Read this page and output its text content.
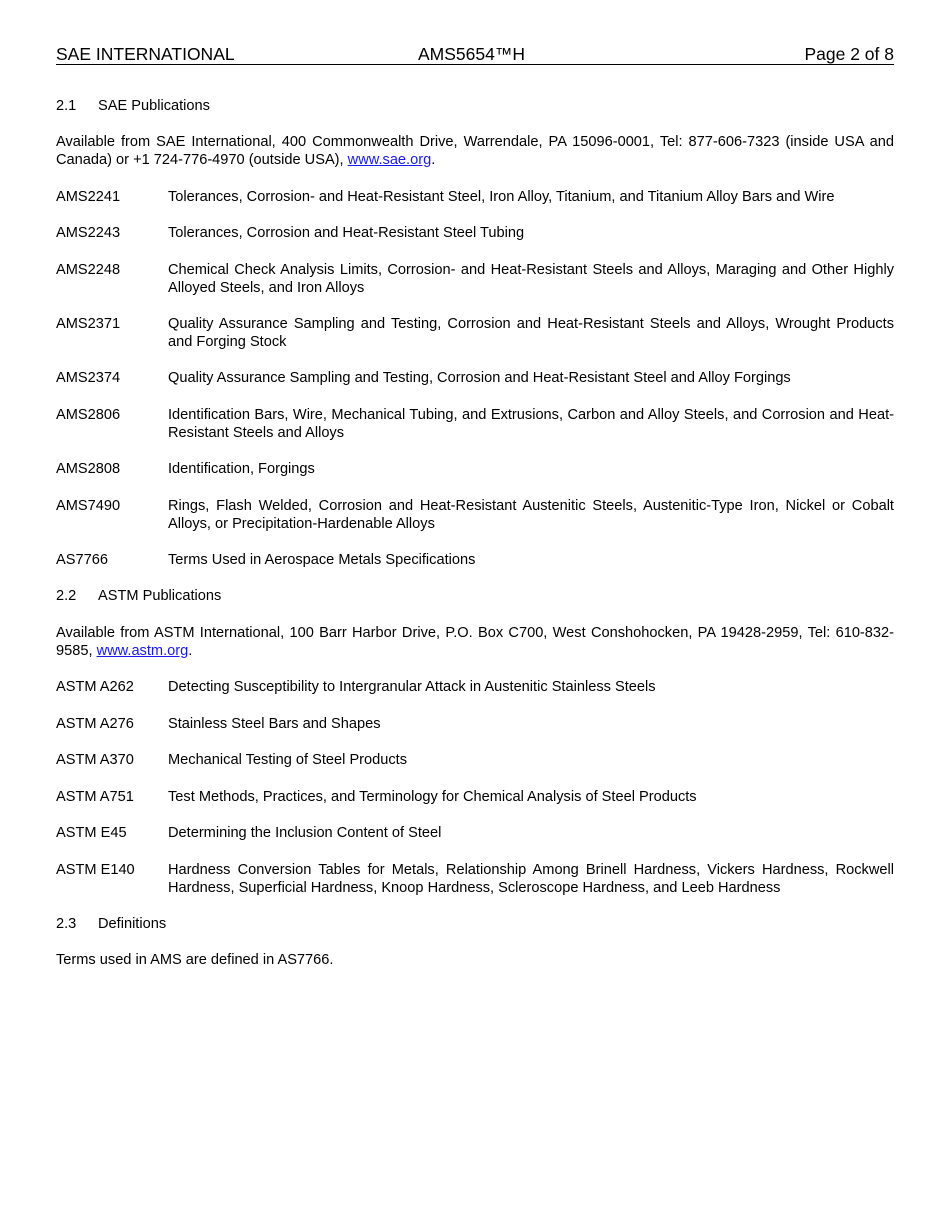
SAE INTERNATIONAL	AMS5654™H	Page 2 of 8
2.1 SAE Publications
Available from SAE International, 400 Commonwealth Drive, Warrendale, PA 15096-0001, Tel: 877-606-7323 (inside USA and Canada) or +1 724-776-4970 (outside USA), www.sae.org.
AMS2241	Tolerances, Corrosion- and Heat-Resistant Steel, Iron Alloy, Titanium, and Titanium Alloy Bars and Wire
AMS2243	Tolerances, Corrosion and Heat-Resistant Steel Tubing
AMS2248	Chemical Check Analysis Limits, Corrosion- and Heat-Resistant Steels and Alloys, Maraging and Other Highly Alloyed Steels, and Iron Alloys
AMS2371	Quality Assurance Sampling and Testing, Corrosion and Heat-Resistant Steels and Alloys, Wrought Products and Forging Stock
AMS2374	Quality Assurance Sampling and Testing, Corrosion and Heat-Resistant Steel and Alloy Forgings
AMS2806	Identification Bars, Wire, Mechanical Tubing, and Extrusions, Carbon and Alloy Steels, and Corrosion and Heat-Resistant Steels and Alloys
AMS2808	Identification, Forgings
AMS7490	Rings, Flash Welded, Corrosion and Heat-Resistant Austenitic Steels, Austenitic-Type Iron, Nickel or Cobalt Alloys, or Precipitation-Hardenable Alloys
AS7766	Terms Used in Aerospace Metals Specifications
2.2 ASTM Publications
Available from ASTM International, 100 Barr Harbor Drive, P.O. Box C700, West Conshohocken, PA 19428-2959, Tel: 610-832-9585, www.astm.org.
ASTM A262 Detecting Susceptibility to Intergranular Attack in Austenitic Stainless Steels
ASTM A276 Stainless Steel Bars and Shapes
ASTM A370 Mechanical Testing of Steel Products
ASTM A751 Test Methods, Practices, and Terminology for Chemical Analysis of Steel Products
ASTM E45	Determining the Inclusion Content of Steel
ASTM E140 Hardness Conversion Tables for Metals, Relationship Among Brinell Hardness, Vickers Hardness, Rockwell Hardness, Superficial Hardness, Knoop Hardness, Scleroscope Hardness, and Leeb Hardness
2.3 Definitions
Terms used in AMS are defined in AS7766.
